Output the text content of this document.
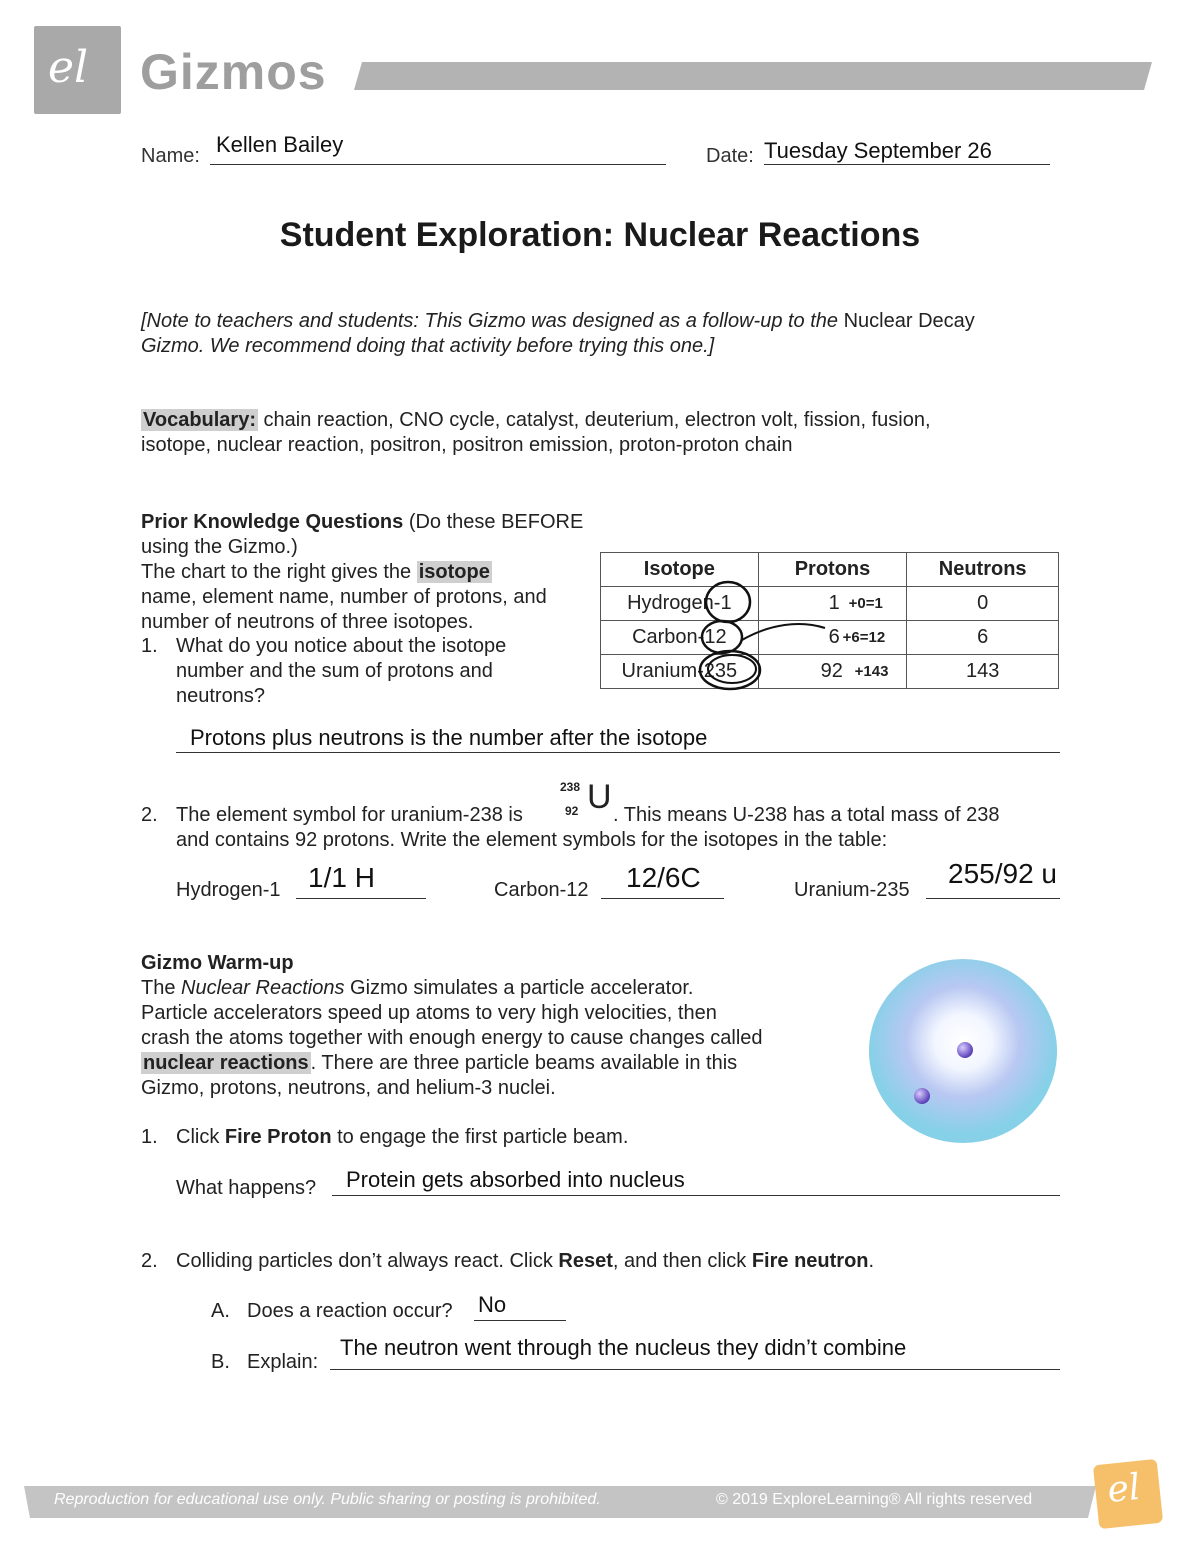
el Gizmos
Name: Kellen Bailey	Date: Tuesday September 26
Student Exploration: Nuclear Reactions
[Note to teachers and students: This Gizmo was designed as a follow-up to the Nuclear Decay
Gizmo. We recommend doing that activity before trying this one.]
Vocabulary: chain reaction, CNO cycle, catalyst, deuterium, electron volt, fission, fusion,
isotope, nuclear reaction, positron, positron emission, proton-proton chain
Prior Knowledge Questions (Do these BEFORE using the Gizmo.)
The chart to the right gives the isotope
name, element name, number of protons, and
number of neutrons of three isotopes.
1. What do you notice about the isotope
number and the sum of protons and
neutrons?
Isotope	Protons	Neutrons
Hydrogen-1	1 +0=1	0
Carbon-12	6 +6=12	6
Uranium-235	92 +143	143
Protons plus neutrons is the number after the isotope
2. The element symbol for uranium-238 is
238
92 U . This means U-238 has a total mass of 238
and contains 92 protons. Write the element symbols for the isotopes in the table:
Hydrogen-1 1/1 H	Carbon-12 12/6C	Uranium-235
255/92 u
Gizmo Warm-up
The Nuclear Reactions Gizmo simulates a particle accelerator.
Particle accelerators speed up atoms to very high velocities, then
crash the atoms together with enough energy to cause changes called
nuclear reactions . There are three particle beams available in this
Gizmo, protons, neutrons, and helium-3 nuclei.
1. Click Fire Proton to engage the first particle beam.
What happens? Protein gets absorbed into nucleus
2. Colliding particles don’t always react. Click Reset, and then click Fire neutron.
A. Does a reaction occur? No
B. Explain:
The neutron went through the nucleus they didn’t combine
Reproduction for educational use only. Public sharing or posting is prohibited.	© 2019 ExploreLearning® All rights reserved el
